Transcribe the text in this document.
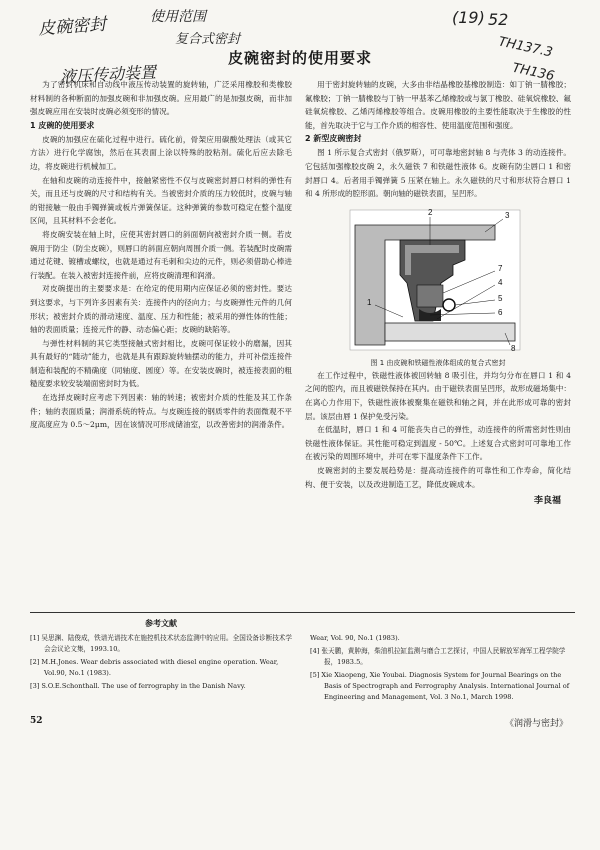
皮碗密封	使用范围
复合式密封
液压传动装置
(19) 52
TH137.3
TH136
皮碗密封的使用要求

为了密封机床和自动线中液压传动装置的旋转轴，广泛采用橡胶和类橡胶材料制的各种断面的加强皮碗和非加强皮碗。应用最广的是加强皮碗，而非加强皮碗应用在安装时皮碗必须变形的情况。

1 皮碗的使用要求

皮碗的加强应在硫化过程中进行。硫化前，骨架应用碳酸处理法（或其它方法）进行化学腐蚀，然后在其表面上涂以特殊的胶粘剂。硫化后应去除毛边，将皮碗进行机械加工。

在轴和皮碗的动连接件中，接触紧密性不仅与皮碗密封唇口材料的弹性有关，而且还与皮碗的尺寸和结构有关。当被密封介质的压力较低时，皮碗与轴的钳接触一般由手镯弹簧或板片弹簧保证。这种弹簧的参数可稳定在整个温度区间，且其材料不会老化。

将皮碗安装在轴上时，应使其密封唇口的斜面朝向被密封介质一侧。若皮碗用于防尘（防尘皮碗），则唇口的斜面应朝向周围介质一侧。若装配时皮碗需通过花键、镀槽或螺纹，也就是通过有毛刺和尖边的元件，则必须借助心棒进行装配。在装入被密封连接件前，应将皮碗清理和润滑。

对皮碗提出的主要要求是：在给定的使用期内应保证必须的密封性。要达到这要求，与下列许多因素有关：连接件内的径向力；与皮碗弹性元件的几何形状；被密封介质的滑动速度、温度、压力和性能；被采用的弹性体的性能；轴的表面质量；连接元件的静、动态偏心距；皮碗的缺陷等。

与弹性材料制的其它类型接触式密封相比，皮碗可保证较小的磨漏，因其具有最好的“随动”能力，也就是具有跟踪旋转轴摆动的能力，并可补偿连接件制造和装配的不精确度（同轴度、圆度）等。在安装皮碗时，被连接表面的粗糙度要求较安装端面密封时为低。

在选择皮碗时应考虑下列因素：轴的转速；被密封介质的性能及其工作条件；轴的表面质量；润滑系统的特点。与皮碗连接的钢质零件的表面微观不平度高度应为 0.5～2μm，因在该情况可形成储油室，以改善密封的润滑条件。

用于密封旋转轴的皮碗，大多由非结晶橡胶基橡胶制造：如丁钠一腈橡胶；氟橡胶；丁钠一腈橡胶与丁钠一甲基苯乙烯橡胶或与氯丁橡胶、硅氧烷橡胶、氟硅氧烷橡胶、乙烯丙烯橡胶等组合。皮碗用橡胶的主要性能取决于生橡胶的性能，首先取决于它与工作介质的相容性、使用温度范围和强度。

2 新型皮碗密封

图 1 所示复合式密封（俄罗斯），可可靠地密封轴 8 与壳体 3 的动连接件。它包括加强橡胶皮碗 2，永久磁铁 7 和铁磁性液体 6。皮碗有防尘唇口 1 和密封唇口 4。后者用手镯弹簧 5 压紧在轴上。永久磁铁的尺寸和形状符合唇口 1 和 4 所形成的腔形面。朝向轴的磁铁表面，呈凹形。

1
2	3
4
5
6
7
8
图 1 由皮碗和铁磁性液体组成的复合式密封

在工作过程中，铁磁性液体被回转轴 8 吸引住，并均匀分布在唇口 1 和 4 之间的腔内，而且被磁铁保持在其内。由于磁铁表面呈凹形，故形成磁场集中：在离心力作用下，铁磁性液体被聚集在磁铁和轴之间，并在此形成可靠的密封层。该层由唇 1 保护免受污染。

在低温时，唇口 1 和 4 可能丧失自己的弹性，动连接件的所需密封性则由铁磁性液体保证。其性能可稳定到温度 - 50℃。上述复合式密封可可靠地工作在被污染的周围环境中，并可在零下温度条件下工作。

皮碗密封的主要发展趋势是：提高动连接件的可靠性和工作寿命，简化结构、便于安装，以及改进制造工艺，降低皮碗成本。

李良福
参考文献
[1] 吴思渊、陆俊成，铁谱光谱技术在施控机技术状态监测中的应用。全国设备诊断技术学会会议论文集，1993.10。
[2] M.H.Jones. Wear debris associated with diesel engine operation. Wear, Vol.90, No.1 (1983).
[3] S.O.E.Schonthall. The use of ferrography in the Danish Navy.
Wear, Vol. 90, No.1 (1983).
[4] 张天鹏，黄肿海，柴油机拉缸监测与磨合工艺探讨，中国人民解放军海军工程学院学报，1983.5。
[5] Xie Xiaopeng, Xie Youbai. Diagnosis System for Journal Bearings on the Basis of Spectrograph and Ferrography Analysis. International Journal of Engineering and Management, Vol. 3 No.1, March 1998.
52	《润滑与密封》
